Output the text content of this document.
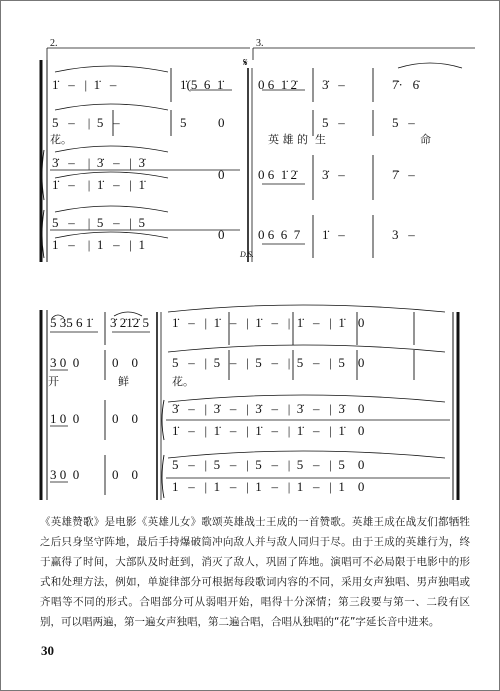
2.	3.
𝄋
1̇   –   |  1̇   –	1̇(5  6  1̇	0 6  1̇ 2̇ 3̇   –	7̇·   6̇
5   –    |  5   –	5 0	5   –	5   –
花。	英 雄 的  生	命
3̇   –    |  3̇   –   |  3̇
1̇   –    |  1̇   –   |  1̇
0	0 6  1̇ 2̇ 3̇   –	7̇   –
5   –    |  5   –   |  5
1   –    |  1   –   |  1
0	0 6  6  7 1̇   –	3   –
D.S.
5 35 6 1̇ 3̇ 2̇1̇2̇ 5 1̇   –   |  1̇   –   |  1̇   –   |  1̇   –   |  1̇    0
3 0  0	0    0	5   –   |  5   –   |  5   –   |  5   –   |  5    0
开	鲜	花。
1 0  0	0    0
3̇   –   |  3̇   –   |  3̇   –   |  3̇   –   |  3̇    0
1̇   –   |  1̇   –   |  1̇   –   |  1̇   –   |  1̇    0
3 0  0	0    0
5   –   |  5   –   |  5   –   |  5   –   |  5    0
1   –   |  1   –   |  1   –   |  1   –   |  1    0
《英雄赞歌》是电影《英雄儿女》歌颂英雄战士王成的一首赞歌。英雄王成在战友们都牺牲之后只身坚守阵地，最后手持爆破筒冲向敌人并与敌人同归于尽。由于王成的英雄行为，终于赢得了时间，大部队及时赶到，消灭了敌人，巩固了阵地。演唱可不必局限于电影中的形式和处理方法，例如，单旋律部分可根据每段歌词内容的不同，采用女声独唱、男声独唱或齐唱等不同的形式。合唱部分可从弱唱开始，唱得十分深情；第三段要与第一、二段有区别，可以唱两遍，第一遍女声独唱，第二遍合唱，合唱从独唱的“花”字延长音中进来。
30
